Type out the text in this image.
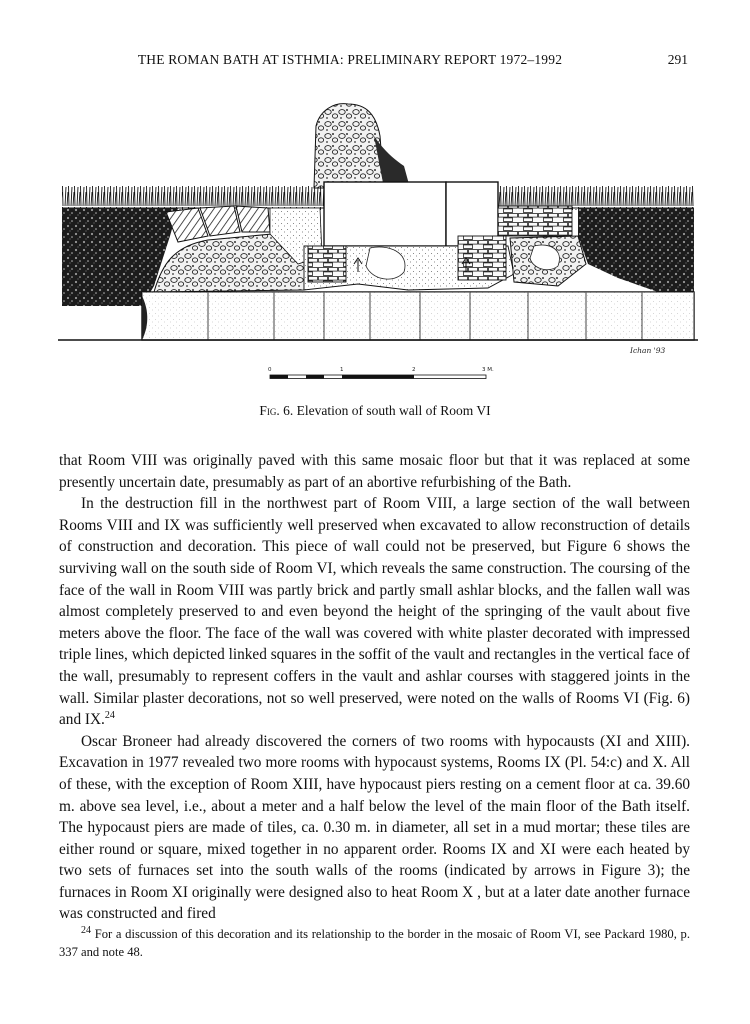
THE ROMAN BATH AT ISTHMIA: PRELIMINARY REPORT 1972–1992	291
Ichan '93
0	1	2	3 M.
Fig. 6. Elevation of south wall of Room VI

that Room VIII was originally paved with this same mosaic floor but that it was replaced at some presently uncertain date, presumably as part of an abortive refurbishing of the Bath.

In the destruction fill in the northwest part of Room VIII, a large section of the wall between Rooms VIII and IX was sufficiently well preserved when excavated to allow reconstruction of details of construction and decoration. This piece of wall could not be preserved, but Figure 6 shows the surviving wall on the south side of Room VI, which reveals the same construction. The coursing of the face of the wall in Room VIII was partly brick and partly small ashlar blocks, and the fallen wall was almost completely preserved to and even beyond the height of the springing of the vault about five meters above the floor. The face of the wall was covered with white plaster decorated with impressed triple lines, which depicted linked squares in the soffit of the vault and rectangles in the vertical face of the wall, presumably to represent coffers in the vault and ashlar courses with staggered joints in the wall. Similar plaster decorations, not so well preserved, were noted on the walls of Rooms VI (Fig. 6) and IX.$^{24}$

Oscar Broneer had already discovered the corners of two rooms with hypocausts (XI and XIII). Excavation in 1977 revealed two more rooms with hypocaust systems, Rooms IX (Pl. 54:c) and X. All of these, with the exception of Room XIII, have hypocaust piers resting on a cement floor at ca. 39.60 m. above sea level, i.e., about a meter and a half below the level of the main floor of the Bath itself. The hypocaust piers are made of tiles, ca. 0.30 m. in diameter, all set in a mud mortar; these tiles are either round or square, mixed together in no apparent order. Rooms IX and XI were each heated by two sets of furnaces set into the south walls of the rooms (indicated by arrows in Figure 3); the furnaces in Room XI originally were designed also to heat Room X , but at a later date another furnace was constructed and fired

$^{24}$ For a discussion of this decoration and its relationship to the border in the mosaic of Room VI, see Packard 1980, p. 337 and note 48.
